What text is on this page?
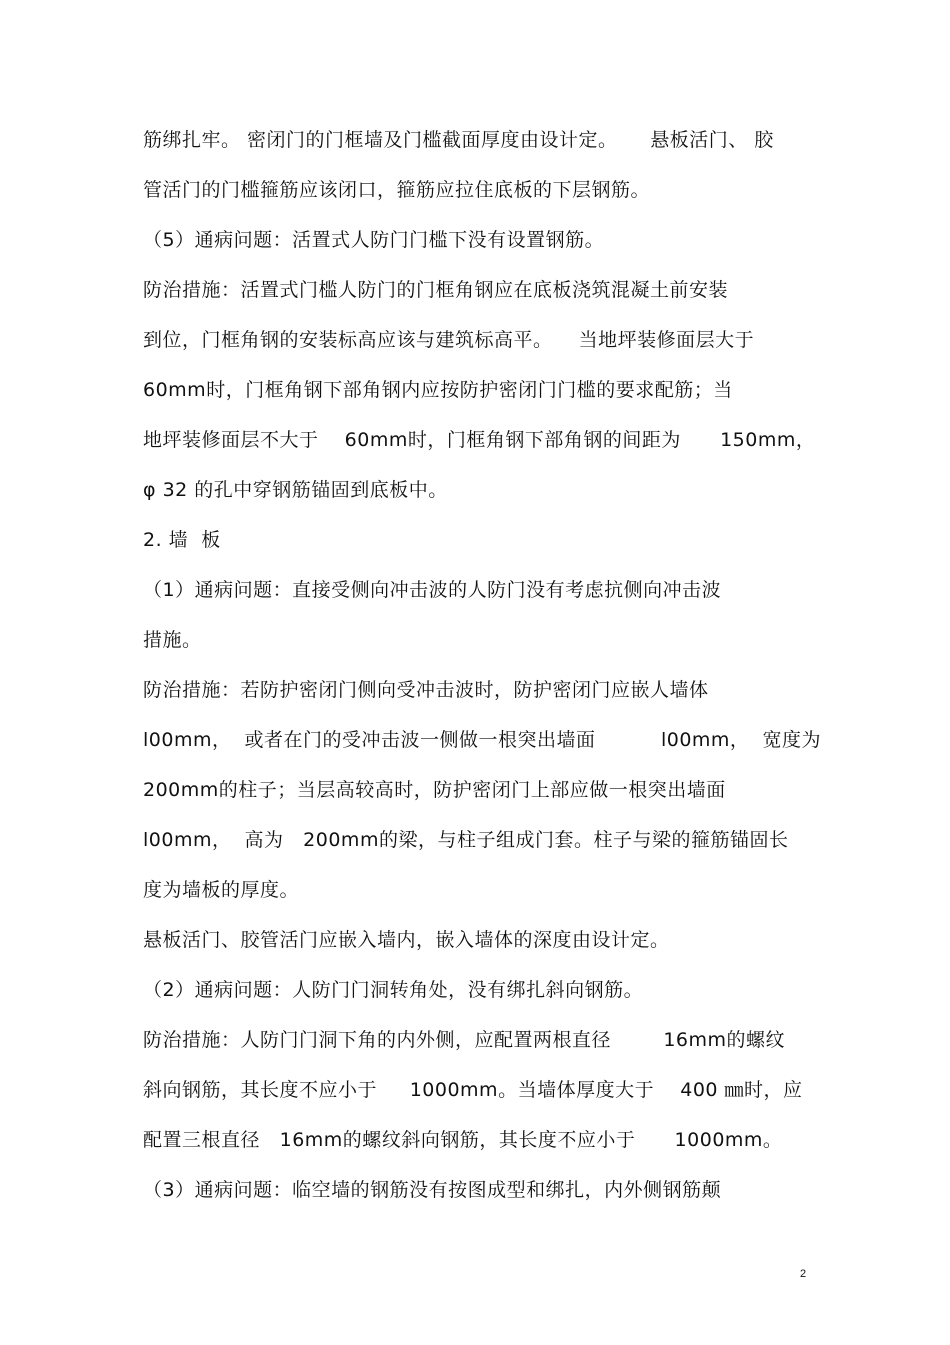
筋绑扎牢。 密闭门的门框墙及门槛截面厚度由设计定。     悬板活门、 胶
管活门的门槛箍筋应该闭口，箍筋应拉住底板的下层钢筋。
（5）通病问题：活置式人防门门槛下没有设置钢筋。
防治措施：活置式门槛人防门的门框角钢应在底板浇筑混凝土前安装
到位，门框角钢的安装标高应该与建筑标高平。    当地坪装修面层大于
60mm时，门框角钢下部角钢内应按防护密闭门门槛的要求配筋；当
地坪装修面层不大于    60mm时，门框角钢下部角钢的间距为      150mm，
φ 32 的孔中穿钢筋锚固到底板中。
2. 墙  板
（1）通病问题：直接受侧向冲击波的人防门没有考虑抗侧向冲击波
措施。
防治措施：若防护密闭门侧向受冲击波时，防护密闭门应嵌人墙体
l00mm，  或者在门的受冲击波一侧做一根突出墙面          l00mm，  宽度为
200mm的柱子；当层高较高时，防护密闭门上部应做一根突出墙面
l00mm，  高为   200mm的梁，与柱子组成门套。柱子与梁的箍筋锚固长
度为墙板的厚度。
悬板活门、胶管活门应嵌入墙内，嵌入墙体的深度由设计定。
（2）通病问题：人防门门洞转角处，没有绑扎斜向钢筋。
防治措施：人防门门洞下角的内外侧，应配置两根直径        16mm的螺纹
斜向钢筋，其长度不应小于     1000mm。当墙体厚度大于    400 ㎜时，应
配置三根直径   16mm的螺纹斜向钢筋，其长度不应小于      1000mm。
（3）通病问题：临空墙的钢筋没有按图成型和绑扎，内外侧钢筋颠
2
